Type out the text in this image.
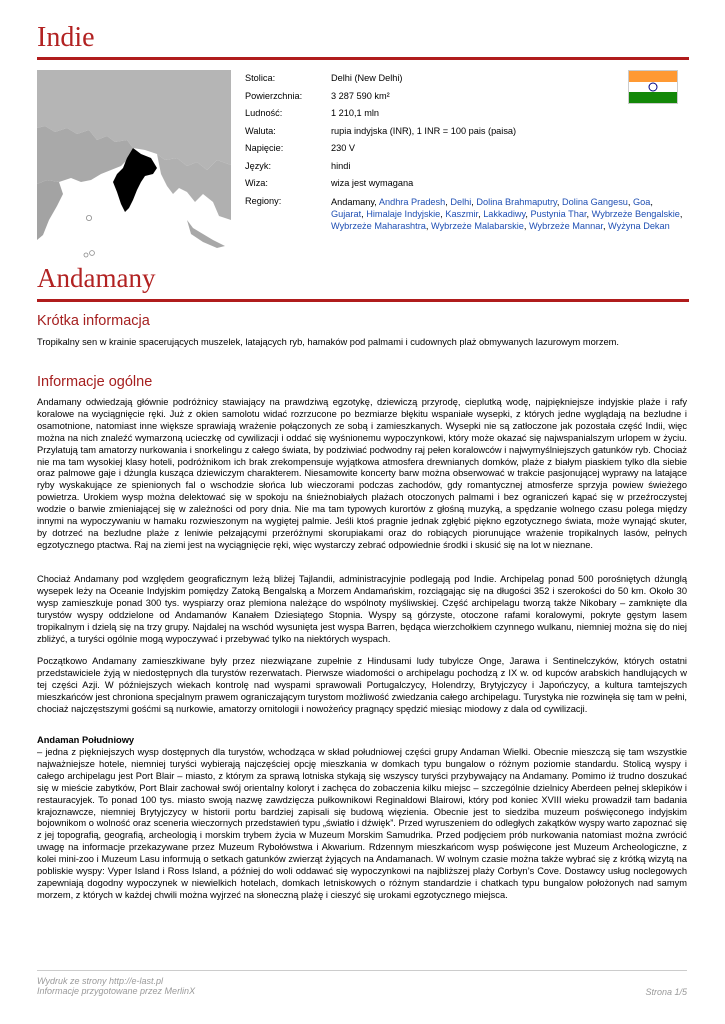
Indie
Stolica:	Delhi (New Delhi)
Powierzchnia:	3 287 590 km²
Ludność:	1 210,1 mln
Waluta:	rupia indyjska (INR), 1 INR = 100 pais (paisa)
Napięcie:	230 V
Język:	hindi
Wiza:	wiza jest wymagana
Regiony:	Andamany, Andhra Pradesh, Delhi, Dolina Brahmaputry, Dolina Gangesu, Goa, Gujarat, Himalaje Indyjskie, Kaszmir, Lakkadiwy, Pustynia Thar, Wybrzeże Bengalskie, Wybrzeże Maharashtra, Wybrzeże Malabarskie, Wybrzeże Mannar, Wyżyna Dekan
Andamany
Krótka informacja

Tropikalny sen w krainie spacerujących muszelek, latających ryb, hamaków pod palmami i cudownych plaż obmywanych lazurowym morzem.

Informacje ogólne

Andamany odwiedzają głównie podróżnicy stawiający na prawdziwą egzotykę, dziewiczą przyrodę, cieplutką wodę, najpiękniejsze indyjskie plaże i rafy koralowe na wyciągnięcie ręki. Już z okien samolotu widać rozrzucone po bezmiarze błękitu wspaniałe wysepki, z których jedne wyglądają na bezludne i osamotnione, natomiast inne większe sprawiają wrażenie połączonych ze sobą i zamieszkanych. Wysepki nie są zatłoczone jak pozostała część Indii, więc można na nich znaleźć wymarzoną ucieczkę od cywilizacji i oddać się wyśnionemu wypoczynkowi, który może okazać się najwspanialszym urlopem w życiu. Przylatują tam amatorzy nurkowania i snorkelingu z całego świata, by podziwiać podwodny raj pełen koralowców i najwymyślniejszych gatunków ryb. Chociaż nie ma tam wysokiej klasy hoteli, podróżnikom ich brak zrekompensuje wyjątkowa atmosfera drewnianych domków, plaże z białym piaskiem tylko dla siebie oraz palmowe gaje i dżungla kusząca dziewiczym charakterem. Niesamowite koncerty barw można obserwować w trakcie pasjonującej wyprawy na latające ryby wyskakujące ze spienionych fal o wschodzie słońca lub wieczorami podczas zachodów, gdy romantycznej atmosferze sprzyja powiew świeżego powietrza. Urokiem wysp można delektować się w spokoju na śnieżnobiałych plażach otoczonych palmami i bez ograniczeń kąpać się w przeźroczystej wodzie o barwie zmieniającej się w zależności od pory dnia. Nie ma tam typowych kurortów z głośną muzyką, a spędzanie wolnego czasu polega między innymi na wypoczywaniu w hamaku rozwieszonym na wygiętej palmie. Jeśli ktoś pragnie jednak zgłębić piękno egzotycznego świata, może wynająć skuter, by dotrzeć na bezludne plaże z leniwie pełzającymi przeróżnymi skorupiakami oraz do robiących piorunujące wrażenie tropikalnych lasów, pełnych egzotycznego ptactwa. Raj na ziemi jest na wyciągnięcie ręki, więc wystarczy zebrać odpowiednie środki i skusić się na lot w nieznane.

Chociaż Andamany pod względem geograficznym leżą bliżej Tajlandii, administracyjnie podlegają pod Indie. Archipelag ponad 500 porośniętych dżunglą wysepek leży na Oceanie Indyjskim pomiędzy Zatoką Bengalską a Morzem Andamańskim, rozciągając się na długości 352 i szerokości do 50 km. Około 30 wysp zamieszkuje ponad 300 tys. wyspiarzy oraz plemiona należące do wspólnoty myśliwskiej. Część archipelagu tworzą także Nikobary – zamknięte dla turystów wyspy oddzielone od Andamanów Kanałem Dziesiątego Stopnia. Wyspy są górzyste, otoczone rafami koralowymi, pokryte gęstym lasem tropikalnym i dzielą się na trzy grupy. Najdalej na wschód wysunięta jest wyspa Barren, będąca wierzchołkiem czynnego wulkanu, niemniej można się do niej zbliżyć, a turyści ogólnie mogą wypoczywać i przebywać tylko na niektórych wyspach.

Początkowo Andamany zamieszkiwane były przez niezwiązane zupełnie z Hindusami ludy tubylcze Onge, Jarawa i Sentinelczyków, których ostatni przedstawiciele żyją w niedostępnych dla turystów rezerwatach. Pierwsze wiadomości o archipelagu pochodzą z IX w. od kupców arabskich handlujących w tej części Azji. W późniejszych wiekach kontrolę nad wyspami sprawowali Portugalczycy, Holendrzy, Brytyjczycy i Japończycy, a kultura tamtejszych mieszkańców jest chroniona specjalnym prawem ograniczającym turystom możliwość zwiedzania całego archipelagu. Turystyka nie rozwinęła się tam w pełni, chociaż najczęstszymi gośćmi są nurkowie, amatorzy ornitologii i nowożeńcy pragnący spędzić miesiąc miodowy z dala od cywilizacji.

Andaman Południowy

– jedna z piękniejszych wysp dostępnych dla turystów, wchodząca w skład południowej części grupy Andaman Wielki. Obecnie mieszczą się tam wszystkie najważniejsze hotele, niemniej turyści wybierają najczęściej opcję mieszkania w domkach typu bungalow o różnym poziomie standardu. Stolicą wyspy i całego archipelagu jest Port Blair – miasto, z którym za sprawą lotniska stykają się wszyscy turyści przybywający na Andamany. Pomimo iż trudno doszukać się w mieście zabytków, Port Blair zachował swój orientalny koloryt i zachęca do zobaczenia kilku miejsc – szczególnie dzielnicy Aberdeen pełnej sklepików i restauracyjek. To ponad 100 tys. miasto swoją nazwę zawdzięcza pułkownikowi Reginaldowi Blairowi, który pod koniec XVIII wieku prowadził tam badania krajoznawcze, niemniej Brytyjczycy w historii portu bardziej zapisali się budową więzienia. Obecnie jest to siedziba muzeum poświęconego indyjskim bojownikom o wolność oraz sceneria wieczornych przedstawień typu „światło i dźwięk”. Przed wyruszeniem do odległych zakątków wyspy warto zapoznać się z jej topografią, geografią, archeologią i morskim trybem życia w Muzeum Morskim Samudrika. Przed podjęciem prób nurkowania natomiast można zwrócić uwagę na informacje przekazywane przez Muzeum Rybołówstwa i Akwarium. Rdzennym mieszkańcom wysp poświęcone jest Muzeum Archeologiczne, z kolei mini-zoo i Muzeum Lasu informują o setkach gatunków zwierząt żyjących na Andamanach. W wolnym czasie można także wybrać się z krótką wizytą na pobliskie wyspy: Vyper Island i Ross Island, a później do woli oddawać się wypoczynkowi na najbliższej plaży Corbyn’s Cove. Dostawcy usług noclegowych zapewniają dogodny wypoczynek w niewielkich hotelach, domkach letniskowych o różnym standardzie i chatkach typu bungalow położonych nad samym morzem, z których w każdej chwili można wyjrzeć na słoneczną plażę i cieszyć się urokami egzotycznego miejsca.

Wydruk ze strony http://e-last.pl
Informacje przygotowane przez MerlinX	Strona 1/5
